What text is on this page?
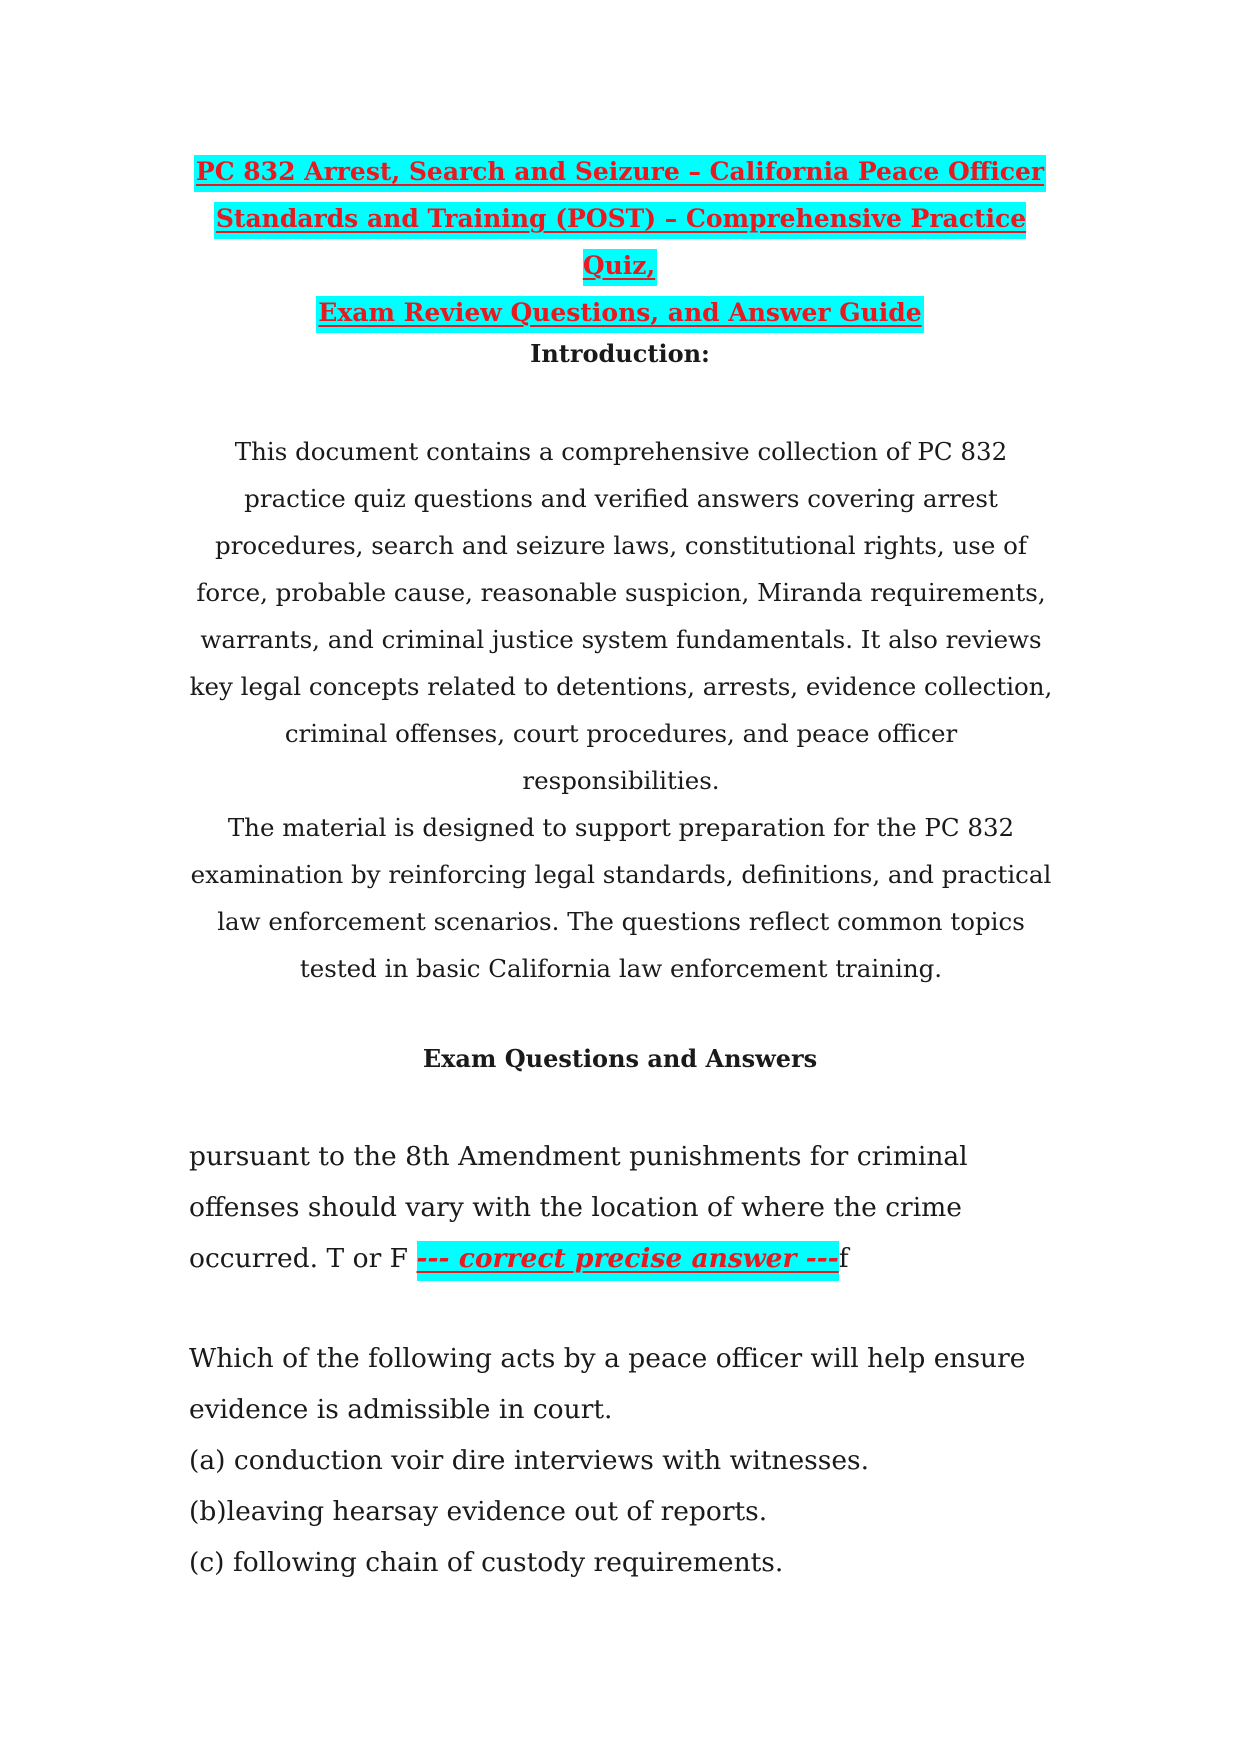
PC 832 Arrest, Search and Seizure – California Peace Officer
Standards and Training (POST) – Comprehensive Practice Quiz,
Exam Review Questions, and Answer Guide
Introduction:

This document contains a comprehensive collection of PC 832 practice quiz questions and verified answers covering arrest procedures, search and seizure laws, constitutional rights, use of force, probable cause, reasonable suspicion, Miranda requirements, warrants, and criminal justice system fundamentals. It also reviews key legal concepts related to detentions, arrests, evidence collection, criminal offenses, court procedures, and peace officer responsibilities.

The material is designed to support preparation for the PC 832 examination by reinforcing legal standards, definitions, and practical law enforcement scenarios. The questions reflect common topics tested in basic California law enforcement training.

Exam Questions and Answers

pursuant to the 8th Amendment punishments for criminal offenses should vary with the location of where the crime occurred. T or F --- correct precise answer ---f

Which of the following acts by a peace officer will help ensure evidence is admissible in court.

(a) conduction voir dire interviews with witnesses.

(b)leaving hearsay evidence out of reports.

(c) following chain of custody requirements.
